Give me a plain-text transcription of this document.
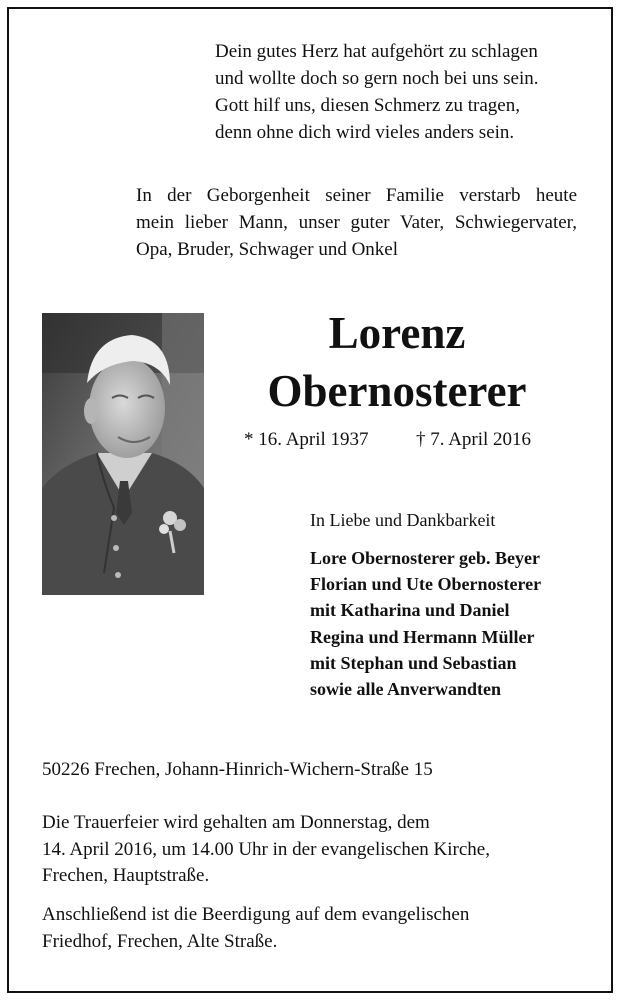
Dein gutes Herz hat aufgehört zu schlagen
und wollte doch so gern noch bei uns sein.
Gott hilf uns, diesen Schmerz zu tragen,
denn ohne dich wird vieles anders sein.
In der Geborgenheit seiner Familie verstarb heute
mein lieber Mann, unser guter Vater, Schwiegervater,
Opa, Bruder, Schwager und Onkel
Lorenz
Obernosterer
* 16. April 1937 † 7. April 2016
In Liebe und Dankbarkeit
Lore Obernosterer geb. Beyer
Florian und Ute Obernosterer
mit Katharina und Daniel
Regina und Hermann Müller
mit Stephan und Sebastian
sowie alle Anverwandten
50226 Frechen, Johann-Hinrich-Wichern-Straße 15
Die Trauerfeier wird gehalten am Donnerstag, dem
14. April 2016, um 14.00 Uhr in der evangelischen Kirche,
Frechen, Hauptstraße.
Anschließend ist die Beerdigung auf dem evangelischen
Friedhof, Frechen, Alte Straße.
